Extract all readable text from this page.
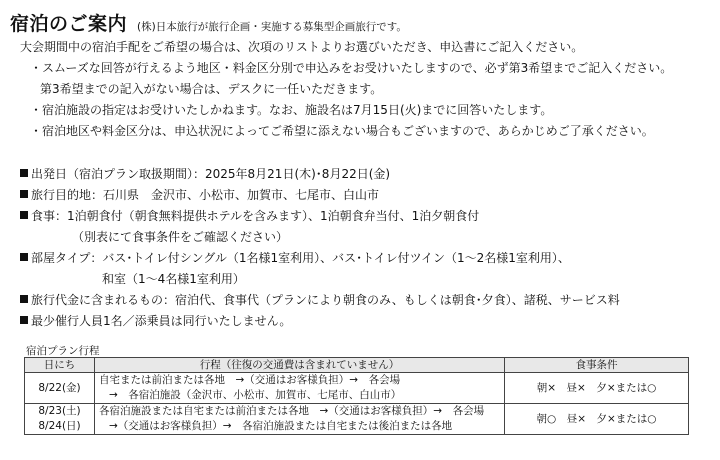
宿泊のご案内 (株)日本旅行が旅行企画・実施する募集型企画旅行です。
大会期間中の宿泊手配をご希望の場合は、次項のリストよりお選びいただき、申込書にご記入ください。
・スムーズな回答が行えるよう地区・料金区分別で申込みをお受けいたしますので、必ず第3希望までご記入ください。
第3希望までの記入がない場合は、デスクに一任いただきます。
・宿泊施設の指定はお受けいたしかねます。なお、施設名は7月15日(火)までに回答いたします。
・宿泊地区や料金区分は、申込状況によってご希望に添えない場合もございますので、あらかじめご了承ください。
出発日（宿泊プラン取扱期間）：2025年8月21日(木)･8月22日(金)
旅行目的地：石川県　金沢市、小松市、加賀市、七尾市、白山市
食事：1泊朝食付（朝食無料提供ホテルを含みます）、1泊朝食弁当付、1泊夕朝食付
（別表にて食事条件をご確認ください）
部屋タイプ：バス･トイレ付シングル（1名様1室利用）、バス･トイレ付ツイン（1～2名様1室利用）、
和室（1～4名様1室利用）
旅行代金に含まれるもの：宿泊代、食事代（プランにより朝食のみ、もしくは朝食･夕食）、諸税、サービス料
最少催行人員1名／添乗員は同行いたしません。
宿泊プラン行程
日にち	行程（往復の交通費は含まれていません）	食事条件
8/22(金)	自宅または前泊または各地　→（交通はお客様負担）→　各会場
→　各宿泊施設（金沢市、小松市、加賀市、七尾市、白山市）	朝×　昼×　夕×または○

8/23(土)
8/24(日)	各宿泊施設または自宅または前泊または各地　→（交通はお客様負担）→　各会場
→（交通はお客様負担）→　各宿泊施設または自宅または後泊または各地	朝○　昼×　夕×または○
